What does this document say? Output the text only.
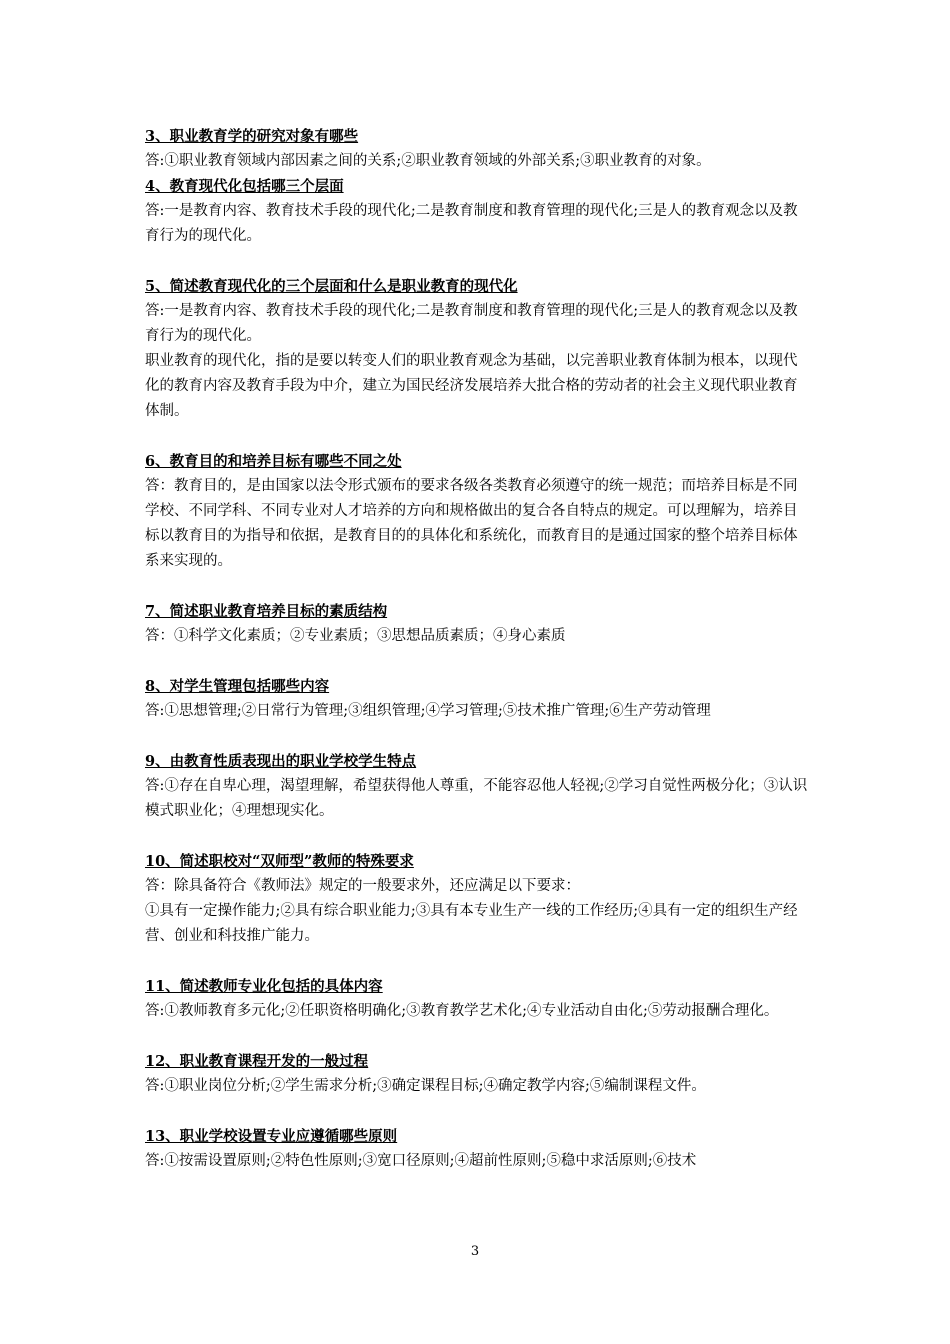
3、职业教育学的研究对象有哪些

答:①职业教育领域内部因素之间的关系;②职业教育领域的外部关系;③职业教育的对象。

4、教育现代化包括哪三个层面

答:一是教育内容、教育技术手段的现代化;二是教育制度和教育管理的现代化;三是人的教育观念以及教育行为的现代化。

5、简述教育现代化的三个层面和什么是职业教育的现代化

答:一是教育内容、教育技术手段的现代化;二是教育制度和教育管理的现代化;三是人的教育观念以及教育行为的现代化。

职业教育的现代化，指的是要以转变人们的职业教育观念为基础，以完善职业教育体制为根本，以现代化的教育内容及教育手段为中介，建立为国民经济发展培养大批合格的劳动者的社会主义现代职业教育体制。

6、教育目的和培养目标有哪些不同之处

答：教育目的，是由国家以法令形式颁布的要求各级各类教育必须遵守的统一规范；而培养目标是不同学校、不同学科、不同专业对人才培养的方向和规格做出的复合各自特点的规定。可以理解为，培养目标以教育目的为指导和依据，是教育目的的具体化和系统化，而教育目的是通过国家的整个培养目标体系来实现的。

7、简述职业教育培养目标的素质结构

答：①科学文化素质；②专业素质；③思想品质素质；④身心素质

8、对学生管理包括哪些内容

答:①思想管理;②日常行为管理;③组织管理;④学习管理;⑤技术推广管理;⑥生产劳动管理

9、由教育性质表现出的职业学校学生特点

答:①存在自卑心理，渴望理解，希望获得他人尊重，不能容忍他人轻视;②学习自觉性两极分化；③认识模式职业化；④理想现实化。

10、简述职校对“双师型”教师的特殊要求

答：除具备符合《教师法》规定的一般要求外，还应满足以下要求：

①具有一定操作能力;②具有综合职业能力;③具有本专业生产一线的工作经历;④具有一定的组织生产经营、创业和科技推广能力。

11、简述教师专业化包括的具体内容

答:①教师教育多元化;②任职资格明确化;③教育教学艺术化;④专业活动自由化;⑤劳动报酬合理化。

12、职业教育课程开发的一般过程

答:①职业岗位分析;②学生需求分析;③确定课程目标;④确定教学内容;⑤编制课程文件。

13、职业学校设置专业应遵循哪些原则

答:①按需设置原则;②特色性原则;③宽口径原则;④超前性原则;⑤稳中求活原则;⑥技术

3
